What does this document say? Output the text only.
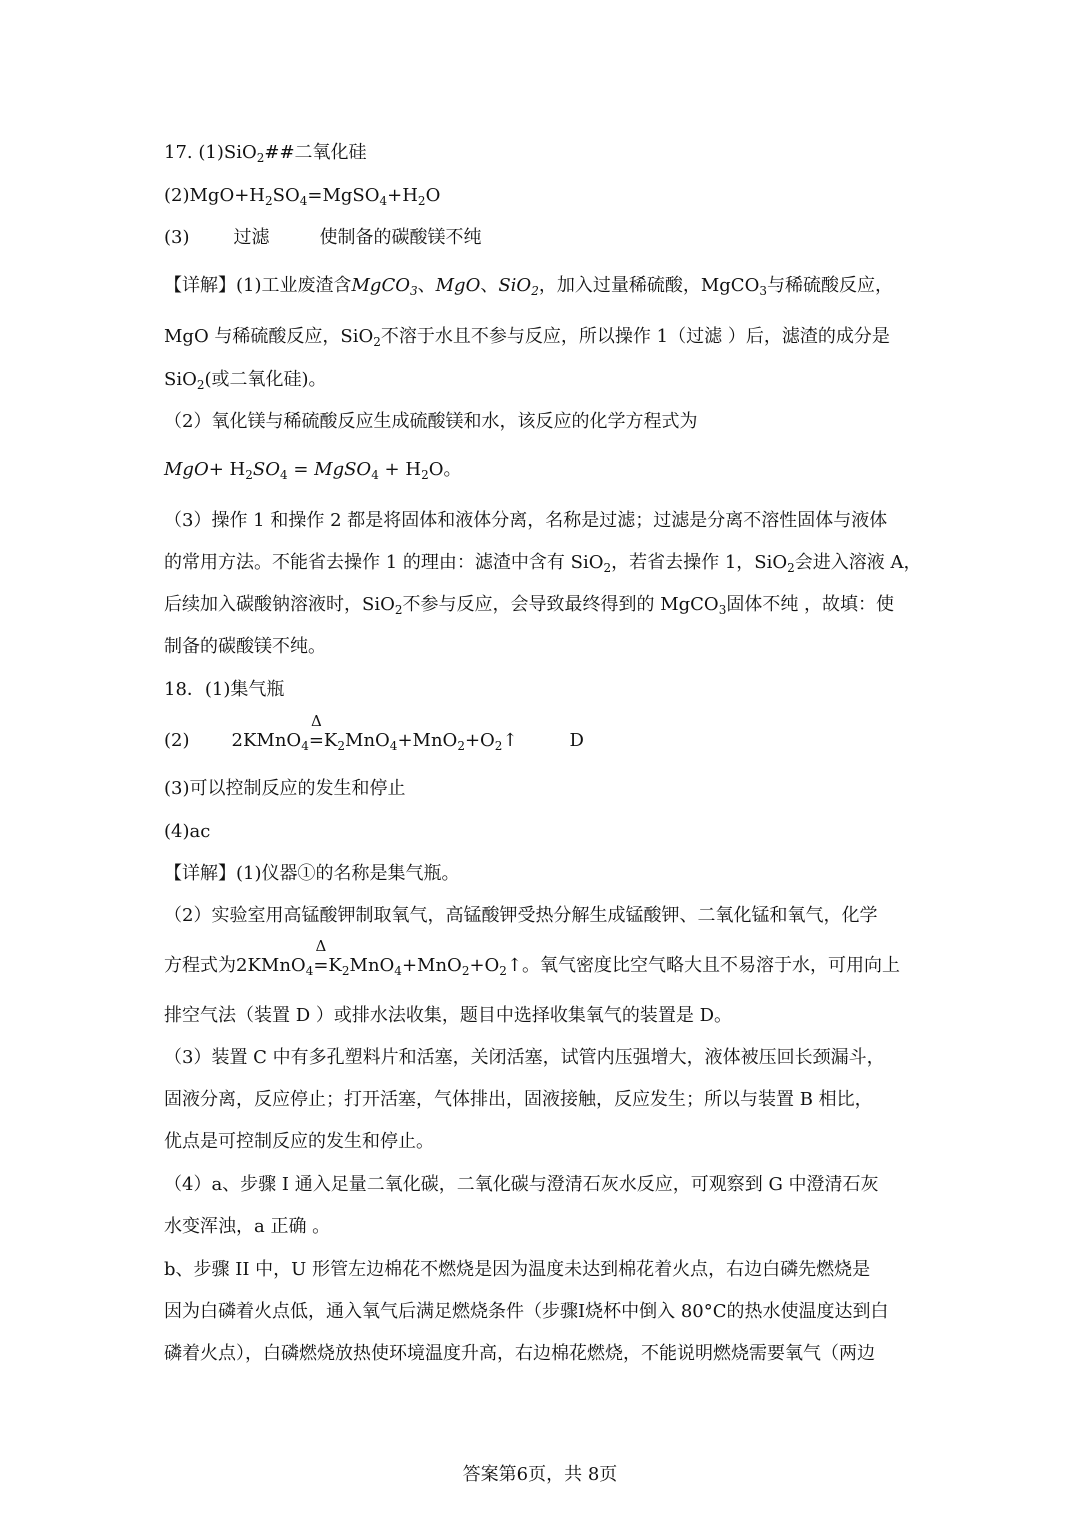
17. (1)SiO$_2$##二氧化硅
$(2)MgO+H_2SO_4=MgSO_4+H_2O$
(3) 过滤	使制备的碳酸镁不纯
【详解】(1)工业废渣含MgCO$_3$、MgO、SiO$_2$，加入过量稀硫酸，MgCO$_3$与稀硫酸反应，
MgO 与稀硫酸反应，SiO$_2$不溶于水且不参与反应，所以操作 1（过滤 ）后，滤渣的成分是
SiO$_2$(或二氧化硅)。
（2）氧化镁与稀硫酸反应生成硫酸镁和水，该反应的化学方程式为
$MgO+ H_2SO_4$ = MgSO$_4$ + $H_2O$。
（3）操作 1 和操作 2 都是将固体和液体分离，名称是过滤；过滤是分离不溶性固体与液体
的常用方法。不能省去操作 1 的理由：滤渣中含有 SiO$_2$，若省去操作 1，SiO$_2$会进入溶液 A，
后续加入碳酸钠溶液时，SiO$_2$不参与反应，会导致最终得到的 MgCO$_3$固体不纯 ，故填：使
制备的碳酸镁不纯。
18．(1)集气瓶
(2) 2KMnO$_4$
Δ
$=K_2MnO_4+MnO_2+O_2↑$	D
(3)可以控制反应的发生和停止
(4)ac
【详解】(1)仪器①的名称是集气瓶。
（2）实验室用高锰酸钾制取氧气，高锰酸钾受热分解生成锰酸钾、二氧化锰和氧气，化学
方程式为2KMnO$_4$
Δ
$=K_2MnO_4+MnO_2+O_2↑$。氧气密度比空气略大且不易溶于水，可用向上
排空气法（装置 D ）或排水法收集，题目中选择收集氧气的装置是 D。
（3）装置 C 中有多孔塑料片和活塞，关闭活塞，试管内压强增大，液体被压回长颈漏斗，
固液分离，反应停止；打开活塞，气体排出，固液接触，反应发生；所以与装置 B 相比，
优点是可控制反应的发生和停止。
（4）a、步骤 I 通入足量二氧化碳，二氧化碳与澄清石灰水反应，可观察到 G 中澄清石灰
水变浑浊，a 正确 。
b、步骤 II 中，U 形管左边棉花不燃烧是因为温度未达到棉花着火点，右边白磷先燃烧是
因为白磷着火点低，通入氧气后满足燃烧条件（步骤I烧杯中倒入 80°C的热水使温度达到白
磷着火点），白磷燃烧放热使环境温度升高，右边棉花燃烧，不能说明燃烧需要氧气（两边
答案第6页，共 8页
